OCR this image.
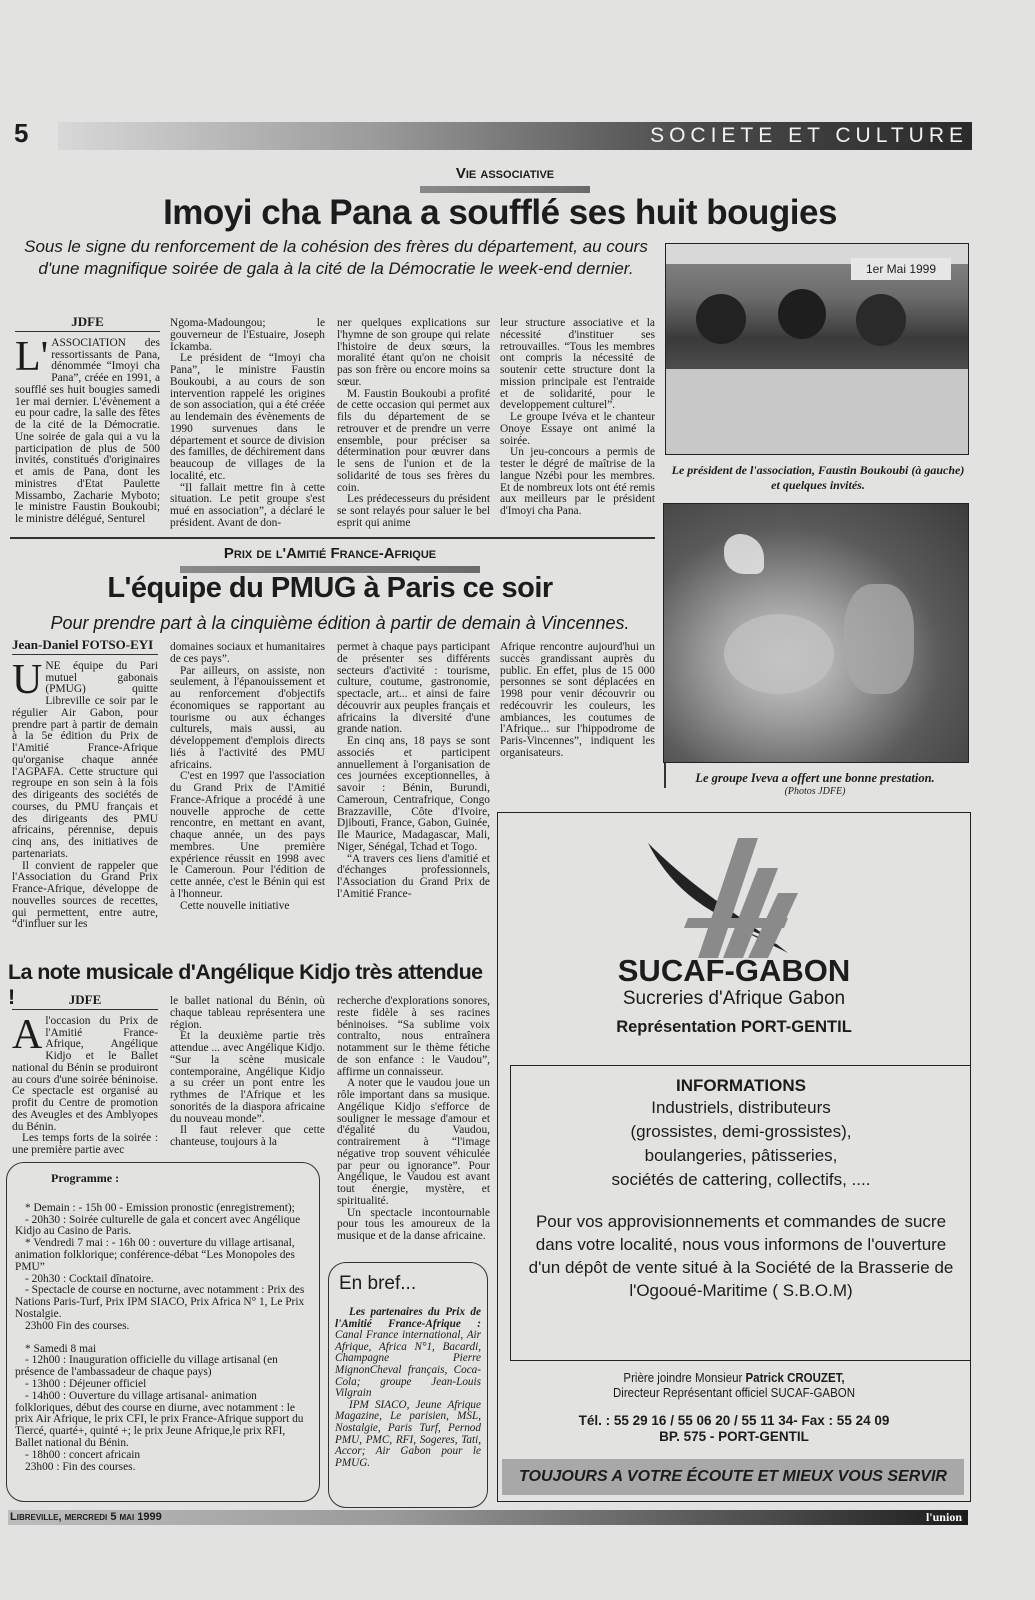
5	SOCIETE ET CULTURE
Vie associative
Imoyi cha Pana a soufflé ses huit bougies
Sous le signe du renforcement de la cohésion des frères du département, au cours d'une magnifique soirée de gala à la cité de la Démocratie le week-end dernier.
JDFE

L'ASSOCIATION des ressortissants de Pana, dénommée “Imoyi cha Pana”, créée en 1991, a soufflé ses huit bougies samedi 1er mai dernier. L'évènement a eu pour cadre, la salle des fêtes de la cité de la Démocratie. Une soirée de gala qui a vu la participation de plus de 500 invités, constitués d'originaires et amis de Pana, dont les ministres d'Etat Paulette Missambo, Zacharie Myboto; le ministre Faustin Boukoubi; le ministre délégué, Senturel

Ngoma-Madoungou; le gouverneur de l'Estuaire, Joseph Ickamba.

Le président de “Imoyi cha Pana”, le ministre Faustin Boukoubi, a au cours de son intervention rappelé les origines de son association, qui a été créée au lendemain des évènements de 1990 survenues dans le département et source de division des familles, de déchirement dans beaucoup de villages de la localité, etc.

“Il fallait mettre fin à cette situation. Le petit groupe s'est mué en association”, a déclaré le président. Avant de don-

ner quelques explications sur l'hymne de son groupe qui relate l'histoire de deux sœurs, la moralité étant qu'on ne choisit pas son frère ou encore moins sa sœur.

M. Faustin Boukoubi a profité de cette occasion qui permet aux fils du département de se retrouver et de prendre un verre ensemble, pour préciser sa détermination pour œuvrer dans le sens de l'union et de la solidarité de tous ses frères du coin.

Les prédecesseurs du président se sont relayés pour saluer le bel esprit qui anime

leur structure associative et la nécessité d'instituer ses retrouvailles. “Tous les membres ont compris la nécessité de soutenir cette structure dont la mission principale est l'entraide et de solidarité, pour le developpement culturel”.

Le groupe Ivéva et le chanteur Onoye Essaye ont animé la soirée.

Un jeu-concours a permis de tester le dégré de maîtrise de la langue Nzébi pour les membres. Et de nombreux lots ont été remis aux meilleurs par le président d'Imoyi cha Pana.

1er Mai 1999
Le président de l'association, Faustin Boukoubi (à gauche) et quelques invités.
Prix de l'Amitié France-Afrique
L'équipe du PMUG à Paris ce soir
Pour prendre part à la cinquième édition à partir de demain à Vincennes.
Jean-Daniel FOTSO-EYI

UNE équipe du Pari mutuel gabonais (PMUG) quitte Libreville ce soir par le régulier Air Gabon, pour prendre part à partir de demain à la 5e édition du Prix de l'Amitié France-Afrique qu'organise chaque année l'AGPAFA. Cette structure qui regroupe en son sein à la fois des dirigeants des sociétés de courses, du PMU français et des dirigeants des PMU africains, pérennise, depuis cinq ans, des initiatives de partenariats.

Il convient de rappeler que l'Association du Grand Prix France-Afrique, développe de nouvelles sources de recettes, qui permettent, entre autre, “d'influer sur les

domaines sociaux et humanitaires de ces pays”.

Par ailleurs, on assiste, non seulement, à l'épanouissement et au renforcement d'objectifs économiques se rapportant au tourisme ou aux échanges culturels, mais aussi, au développement d'emplois directs liés à l'activité des PMU africains.

C'est en 1997 que l'association du Grand Prix de l'Amitié France-Afrique a procédé à une nouvelle approche de cette rencontre, en mettant en avant, chaque année, un des pays membres. Une première expérience réussit en 1998 avec le Cameroun. Pour l'édition de cette année, c'est le Bénin qui est à l'honneur.

Cette nouvelle initiative

permet à chaque pays participant de présenter ses différents secteurs d'activité : tourisme, culture, coutume, gastronomie, spectacle, art... et ainsi de faire découvrir aux peuples français et africains la diversité d'une grande nation.

En cinq ans, 18 pays se sont associés et participent annuellement à l'organisation de ces journées exceptionnelles, à savoir : Bénin, Burundi, Cameroun, Centrafrique, Congo Brazzaville, Côte d'Ivoire, Djibouti, France, Gabon, Guinée, Ile Maurice, Madagascar, Mali, Niger, Sénégal, Tchad et Togo.

“A travers ces liens d'amitié et d'échanges professionnels, l'Association du Grand Prix de l'Amitié France-

Afrique rencontre aujourd'hui un succès grandissant auprès du public. En effet, plus de 15 000 personnes se sont déplacées en 1998 pour venir découvrir ou redécouvrir les couleurs, les ambiances, les coutumes de l'Afrique... sur l'hippodrome de Paris-Vincennes”, indiquent les organisateurs.

Le groupe Iveva a offert une bonne prestation.
(Photos JDFE)
La note musicale d'Angélique Kidjo très attendue !	JDFE

Al'occasion du Prix de l'Amitié France-Afrique, Angélique Kidjo et le Ballet national du Bénin se produiront au cours d'une soirée béninoise. Ce spectacle est organisé au profit du Centre de promotion des Aveugles et des Amblyopes du Bénin.

Les temps forts de la soirée : une première partie avec

le ballet national du Bénin, où chaque tableau représentera une région.

Et la deuxième partie très attendue ... avec Angélique Kidjo. “Sur la scène musicale contemporaine, Angélique Kidjo a su créer un pont entre les rythmes de l'Afrique et les sonorités de la diaspora africaine du nouveau monde”.

Il faut relever que cette chanteuse, toujours à la

recherche d'explorations sonores, reste fidèle à ses racines béninoises. “Sa sublime voix contralto, nous entraînera notamment sur le thème fétiche de son enfance : le Vaudou”, affirme un connaisseur.

A noter que le vaudou joue un rôle important dans sa musique. Angélique Kidjo s'efforce de souligner le message d'amour et d'égalité du Vaudou, contrairement à “l'image négative trop souvent véhiculée par peur ou ignorance”. Pour Angélique, le Vaudou est avant tout énergie, mystère, et spiritualité.

Un spectacle incontournable pour tous les amoureux de la musique et de la danse africaine.

Programme :

* Demain : - 15h 00 - Emission pronostic (enregistrement);

- 20h30 : Soirée culturelle de gala et concert avec Angélique Kidjo au Casino de Paris.

* Vendredi 7 mai : - 16h 00 : ouverture du village artisanal, animation folklorique; conférence-débat “Les Monopoles des PMU”

- 20h30 : Cocktail dînatoire.

- Spectacle de course en nocturne, avec notamment : Prix des Nations Paris-Turf, Prix IPM SIACO, Prix Africa N° 1, Le Prix Nostalgie.

23h00 Fin des courses.

* Samedi 8 mai

- 12h00 : Inauguration officielle du village artisanal (en présence de l'ambassadeur de chaque pays)

- 13h00 : Déjeuner officiel

- 14h00 : Ouverture du village artisanal- animation folkloriques, début des course en diurne, avec notamment : le prix Air Afrique, le prix CFI, le prix France-Afrique support du Tiercé, quarté+, quinté +; le prix Jeune Afrique,le prix RFI, Ballet national du Bénin.

- 18h00 : concert africain

23h00 : Fin des courses.

En bref...

Les partenaires du Prix de l'Amitié France-Afrique : Canal France international, Air Afrique, Africa N°1, Bacardi, Champagne Pierre MignonCheval français, Coca-Cola; groupe Jean-Louis Vilgrain

IPM SIACO, Jeune Afrique Magazine, Le parisien, MSL, Nostalgie, Paris Turf, Pernod PMU, PMC, RFI, Sogeres, Tati, Accor; Air Gabon pour le PMUG.

SUCAF-GABON
Sucreries d'Afrique Gabon
Représentation PORT-GENTIL
INFORMATIONS
Industriels, distributeurs
(grossistes, demi-grossistes),
boulangeries, pâtisseries,
sociétés de cattering, collectifs, ....
Pour vos approvisionnements et commandes de sucre dans votre localité, nous vous informons de l'ouverture d'un dépôt de vente situé à la Société de la Brasserie de l'Ogooué-Maritime ( S.B.O.M)
Prière joindre Monsieur Patrick CROUZET,
Directeur Représentant officiel SUCAF-GABON
Tél. : 55 29 16 / 55 06 20 / 55 11 34- Fax : 55 24 09
BP. 575 - PORT-GENTIL
TOUJOURS A VOTRE ÉCOUTE ET MIEUX VOUS SERVIR
Libreville, mercredi 5 mai 1999	l'union
